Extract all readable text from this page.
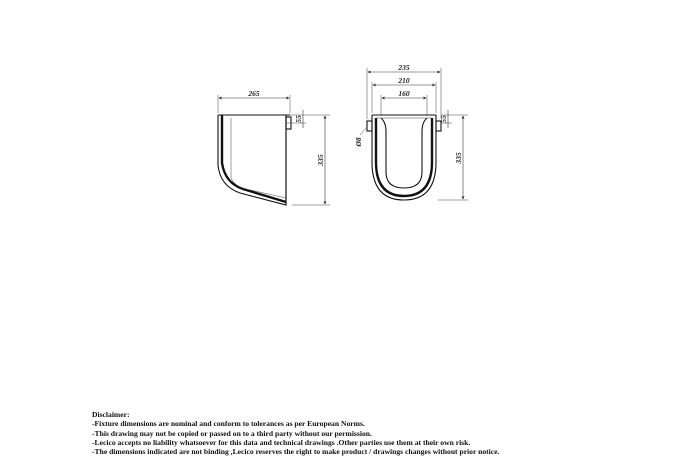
265
55
335
235
210
160
Ø8
55
335
Disclaimer:
-Fixture dimensions are nominal and conform to tolerances as per European Norms.
-This drawing may not be copied or passed on to a third party without our permission.
-Lecico accepts no liability whatsoever for this data and technical drawings .Other parties use them at their own risk.
-The dimensions indicated are not binding ,Lecico reserves the right to make product / drawings changes without prior notice.
